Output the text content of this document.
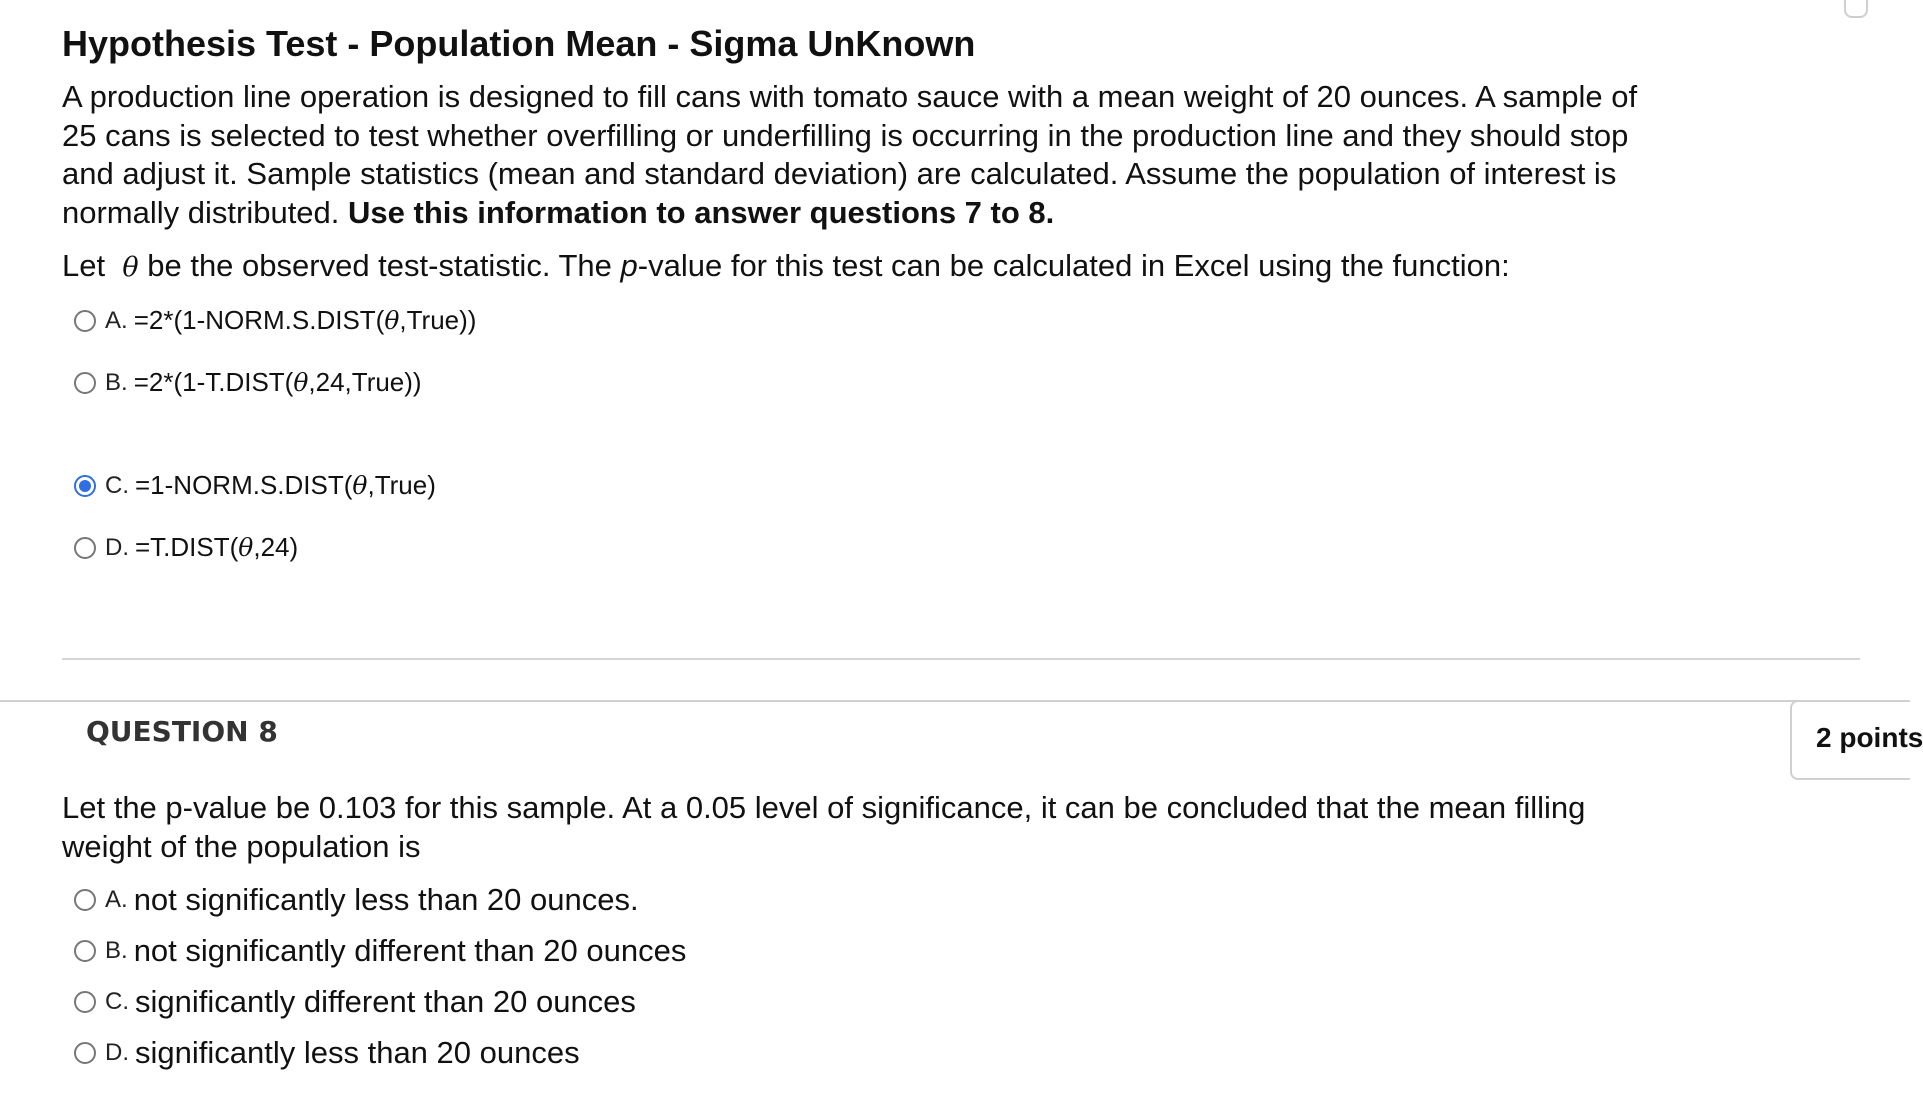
Hypothesis Test - Population Mean - Sigma UnKnown
A production line operation is designed to fill cans with tomato sauce with a mean weight of 20 ounces. A sample of 25 cans is selected to test whether overfilling or underfilling is occurring in the production line and they should stop and adjust it. Sample statistics (mean and standard deviation) are calculated. Assume the population of interest is normally distributed. Use this information to answer questions 7 to 8.
Let θ be the observed test-statistic. The p-value for this test can be calculated in Excel using the function:
A. =2*(1-NORM.S.DIST(θ,True))
B. =2*(1-T.DIST(θ,24,True))
C. =1-NORM.S.DIST(θ,True)
D. =T.DIST(θ,24)
QUESTION 8	2 points
Let the p-value be 0.103 for this sample. At a 0.05 level of significance, it can be concluded that the mean filling weight of the population is
A. not significantly less than 20 ounces.
B. not significantly different than 20 ounces
C. significantly different than 20 ounces
D. significantly less than 20 ounces
